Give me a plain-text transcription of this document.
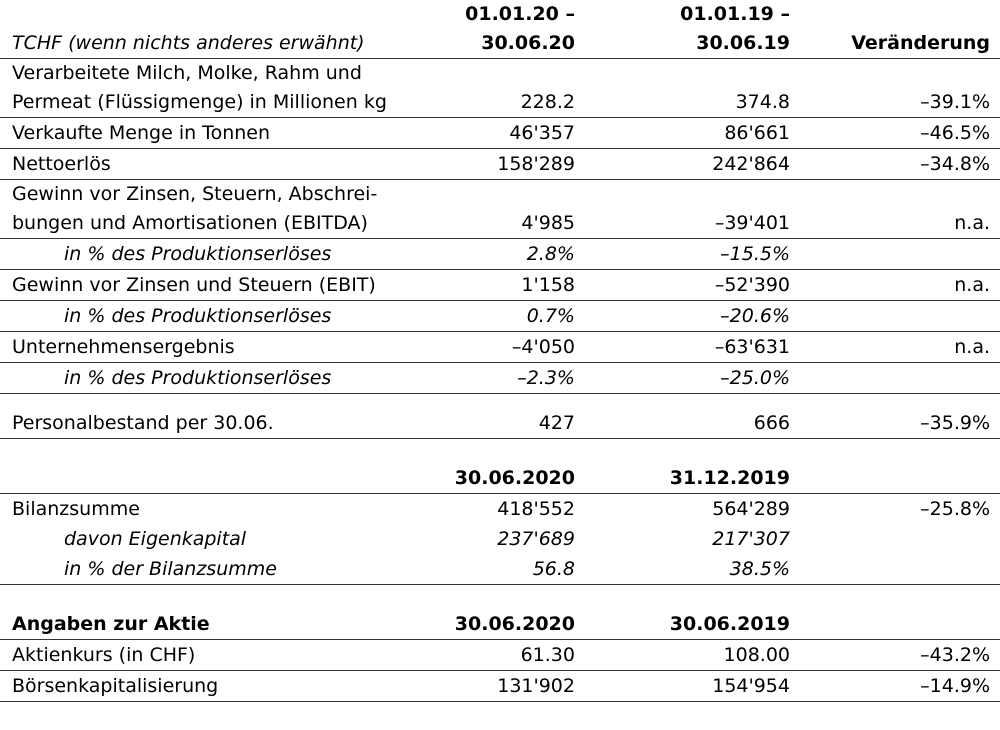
	01.01.20 –	01.01.19 –	
TCHF (wenn nichts anderes erwähnt)	30.06.20	30.06.19	Veränderung
Verarbeitete Milch, Molke, Rahm und			
Permeat (Flüssigmenge) in Millionen kg	228.2	374.8	–39.1%
Verkaufte Menge in Tonnen	46'357	86'661	–46.5%
Nettoerlös	158'289	242'864	–34.8%
Gewinn vor Zinsen, Steuern, Abschrei-			
bungen und Amortisationen (EBITDA)	4'985	–39'401	n.a.
in % des Produktionserlöses	2.8%	–15.5%	
Gewinn vor Zinsen und Steuern (EBIT)	1'158	–52'390	n.a.
in % des Produktionserlöses	0.7%	–20.6%	
Unternehmensergebnis	–4'050	–63'631	n.a.
in % des Produktionserlöses	–2.3%	–25.0%	

Personalbestand per 30.06.	427	666	–35.9%

	30.06.2020	31.12.2019	
Bilanzsumme	418'552	564'289	–25.8%
davon Eigenkapital	237'689	217'307	
in % der Bilanzsumme	56.8	38.5%	

Angaben zur Aktie	30.06.2020	30.06.2019	
Aktienkurs (in CHF)	61.30	108.00	–43.2%
Börsenkapitalisierung	131'902	154'954	–14.9%
